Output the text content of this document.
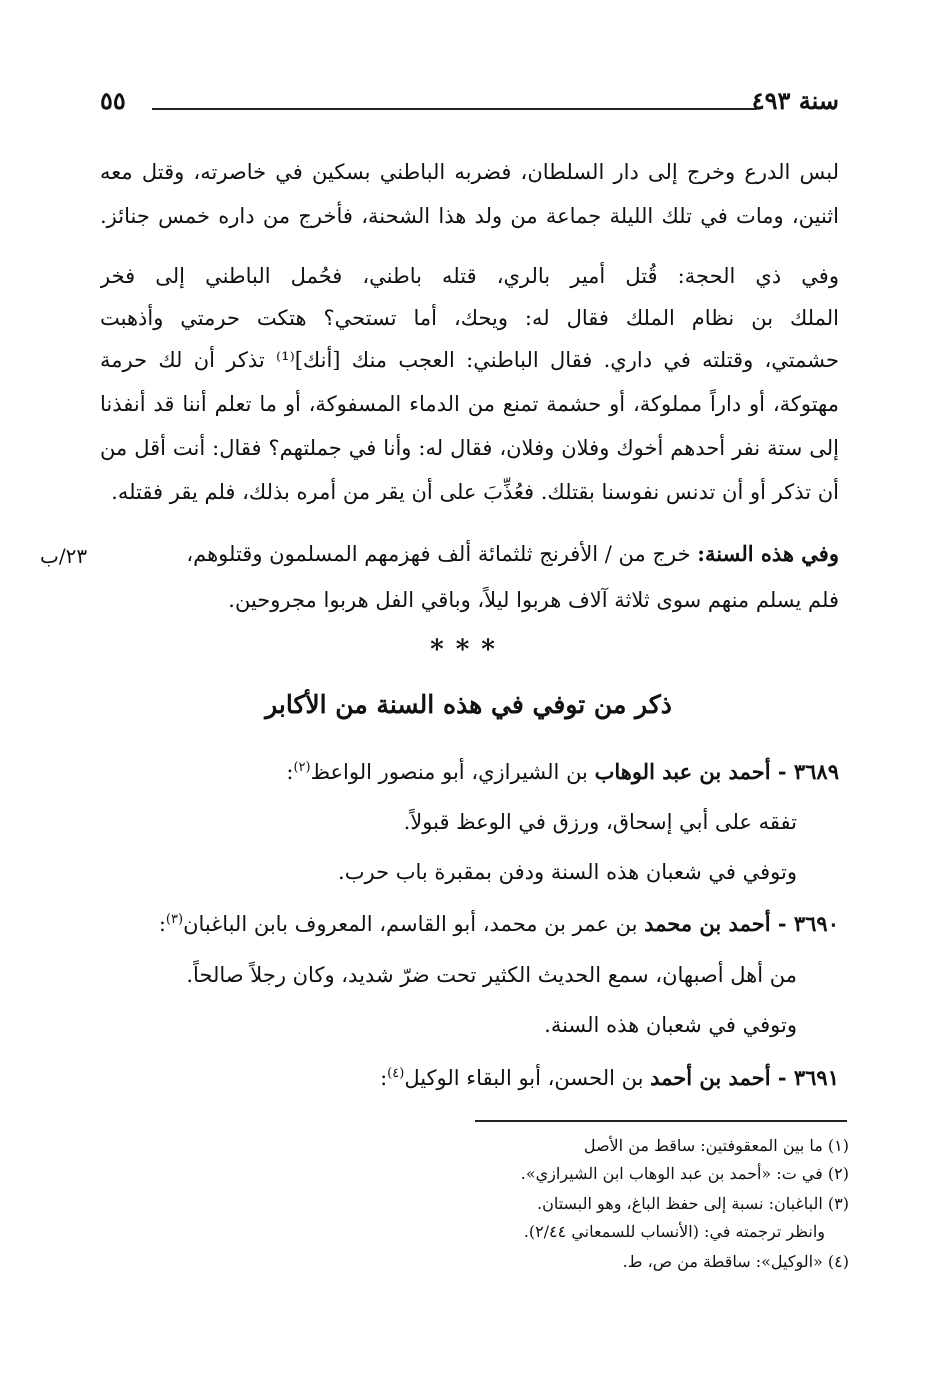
سنة ٤٩٣
٥٥
لبس الدرع وخرج إلى دار السلطان، فضربه الباطني بسكين في خاصرته، وقتل معه
اثنين، ومات في تلك الليلة جماعة من ولد هذا الشحنة، فأخرج من داره خمس جنائز.
وفي ذي الحجة: قُتل أمير بالري، قتله باطني، فحُمل الباطني إلى فخر
الملك بن نظام الملك فقال له: ويحك، أما تستحي؟ هتكت حرمتي وأذهبت
حشمتي، وقتلته في داري. فقال الباطني: العجب منك [أنك]⁽¹⁾ تذكر أن لك حرمة
مهتوكة، أو داراً مملوكة، أو حشمة تمنع من الدماء المسفوكة، أو ما تعلم أننا قد أنفذنا
إلى ستة نفر أحدهم أخوك وفلان وفلان، فقال له: وأنا في جملتهم؟ فقال: أنت أقل من
أن تذكر أو أن تدنس نفوسنا بقتلك. فعُذِّبَ على أن يقر من أمره بذلك، فلم يقر فقتله.
وفي هذه السنة: خرج من / الأفرنج ثلثمائة ألف فهزمهم المسلمون وقتلوهم،
٢٣/ب
فلم يسلم منهم سوى ثلاثة آلاف هربوا ليلاً، وباقي الفل هربوا مجروحين.
***
ذكر من توفي في هذه السنة من الأكابر
٣٦٨٩ - أحمد بن عبد الوهاب بن الشيرازي، أبو منصور الواعظ$^{(٢)}$:
تفقه على أبي إسحاق، ورزق في الوعظ قبولاً.
وتوفي في شعبان هذه السنة ودفن بمقبرة باب حرب.
٣٦٩٠ - أحمد بن محمد بن عمر بن محمد، أبو القاسم، المعروف بابن الباغبان$^{(٣)}$:
من أهل أصبهان، سمع الحديث الكثير تحت ضرّ شديد، وكان رجلاً صالحاً.
وتوفي في شعبان هذه السنة.
٣٦٩١ - أحمد بن أحمد بن الحسن، أبو البقاء الوكيل$^{(٤)}$:
(١) ما بين المعقوفتين: ساقط من الأصل
(٢) في ت: «أحمد بن عبد الوهاب ابن الشيرازي».
(٣) الباغبان: نسبة إلى حفظ الباغ، وهو البستان.
وانظر ترجمته في: (الأنساب للسمعاني ٢/٤٤).
(٤) «الوكيل»: ساقطة من ص، ط.
